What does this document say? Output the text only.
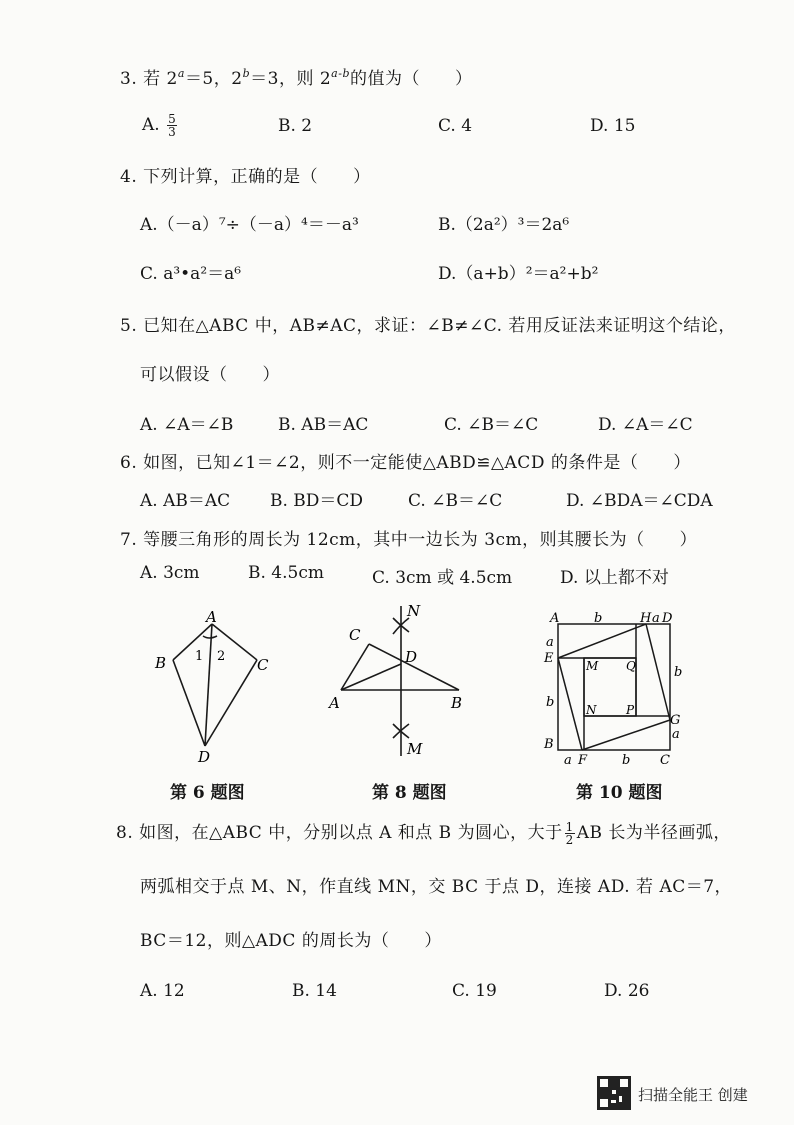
3. 若 $2^a=5$，$2^b=3$，则 2$^{a-b}$的值为（　　）
A. $\frac{5}{3}$	B. 2	C. 4	D. 15
4. 下列计算，正确的是（　　）
A.（－a）⁷÷（－a）⁴＝－a³	B.（2a²）³＝2a⁶
C. a³•a²＝a⁶	D.（a+b）²＝a²+b²
5. 已知在△ABC 中，AB≠AC，求证：∠B≠∠C. 若用反证法来证明这个结论，
可以假设（　　）
A. ∠A＝∠B	B. AB＝AC	C. ∠B＝∠C	D. ∠A＝∠C
6. 如图，已知∠1＝∠2，则不一定能使△ABD≌△ACD 的条件是（　　）
A. AB＝AC B. BD＝CD	C. ∠B＝∠C	D. ∠BDA＝∠CDA
7. 等腰三角形的周长为 12cm，其中一边长为 3cm，则其腰长为（　　）
A. 3cm	B. 4.5cm	C. 3cm 或 4.5cm	D. 以上都不对
A
B	C
D
1 2
第 6 题图
N
C
D
A	B
M
第 8 题图
A	b	H a D
a
E	M Q	b
b	N P
G
a
B
a F	b C
第 10 题图
8. 如图，在△ABC 中，分别以点 A 和点 B 为圆心，大于 $\frac{1}{2}$ AB 长为半径画弧，
两弧相交于点 M、N，作直线 MN，交 BC 于点 D，连接 AD. 若 AC＝7，
BC＝12，则△ADC 的周长为（　　）
A. 12	B. 14	C. 19	D. 26
扫描全能王 创建
